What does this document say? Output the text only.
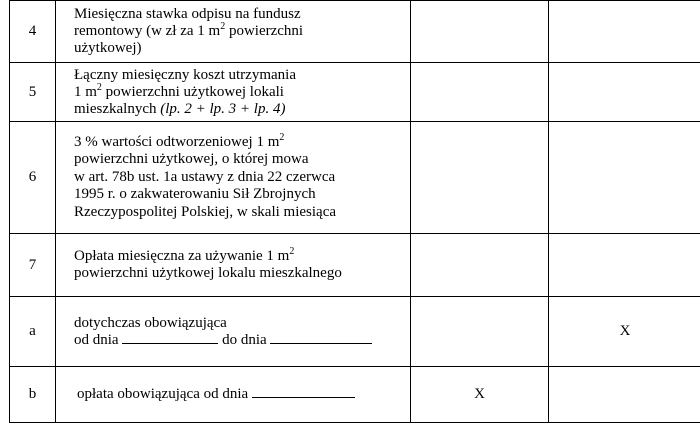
4	Miesięczna stawka odpisu na fundusz
remontowy (w zł za 1 $m^2$ powierzchni
użytkowej)		

5	Łączny miesięczny koszt utrzymania
1 $m^2$ powierzchni użytkowej lokali
mieszkalnych (lp. 2 + lp. 3 + lp. 4)		

6	3 % wartości odtworzeniowej 1 $m^2$
powierzchni użytkowej, o której mowa
w art. 78b ust. 1a ustawy z dnia 22 czerwca
1995 r. o zakwaterowaniu Sił Zbrojnych
Rzeczypospolitej Polskiej, w skali miesiąca		

7	Opłata miesięczna za używanie 1 $m^2$
powierzchni użytkowej lokalu mieszkalnego		

a	dotychczas obowiązująca
od dnia do dnia		X
b	opłata obowiązująca od dnia	X	
